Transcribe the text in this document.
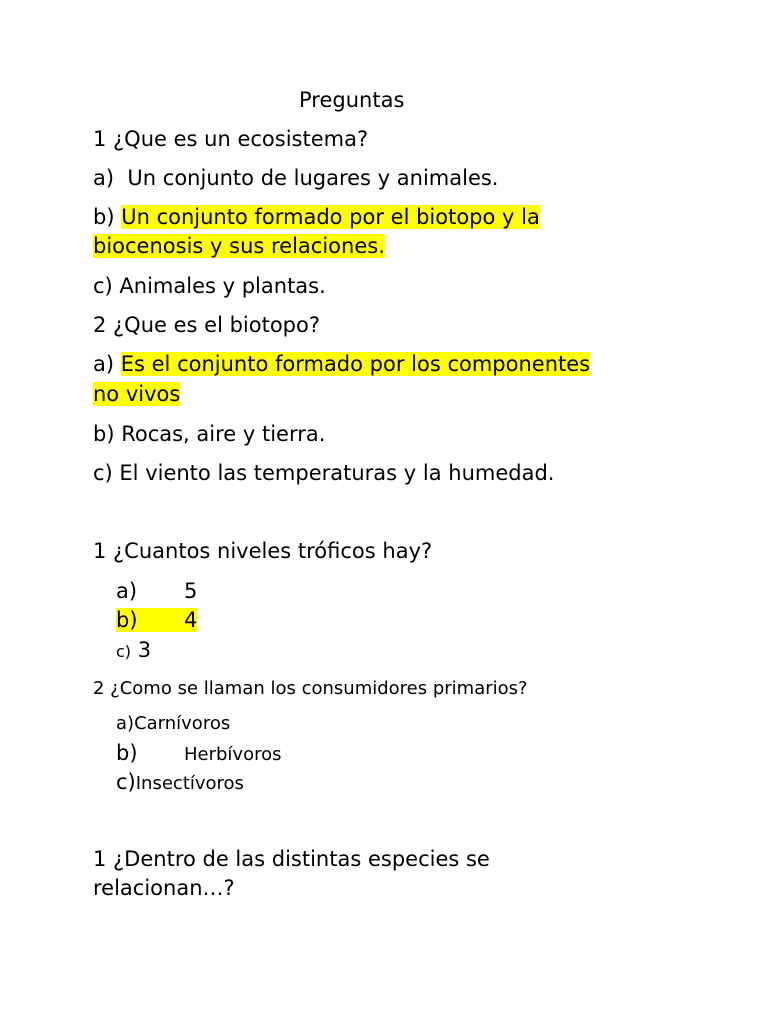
Preguntas
1 ¿Que es un ecosistema?
a) Un conjunto de lugares y animales.
b) Un conjunto formado por el biotopo y la
biocenosis y sus relaciones.
c) Animales y plantas.
2 ¿Que es el biotopo?
a) Es el conjunto formado por los componentes
no vivos
b) Rocas, aire y tierra.
c) El viento las temperaturas y la humedad.
1 ¿Cuantos niveles tróficos hay?
a) 5
b) 4
c) 3
2 ¿Como se llaman los consumidores primarios?
a)Carnívoros
b)	Herbívoros
c)Insectívoros
1 ¿Dentro de las distintas especies se
relacionan…?
